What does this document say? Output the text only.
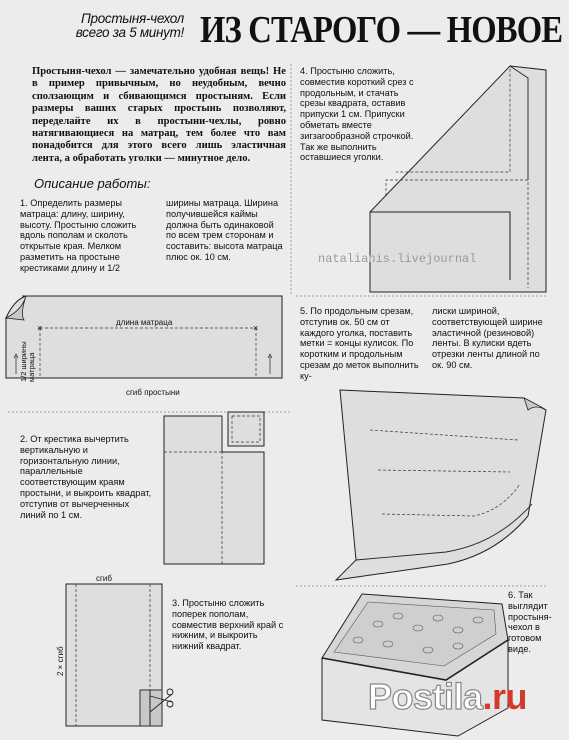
Простыня-чехол
всего за 5 минут! ИЗ СТАРОГО — НОВОЕ
Простыня-чехол — замечательно удобная вещь! Не в пример привычным, но неудобным, вечно сползающим и сбивающимся простыням. Если размеры ваших старых простынь позволяют, переделайте их в простыни-чехлы, ровно натягивающиеся на матрац, тем более что вам понадобится для этого всего лишь эластичная лента, а обработать уголки — минутное дело.
Описание работы:
1. Определить размеры матраца: длину, ширину, высоту. Простыню сложить вдоль пополам и сколоть открытые края. Мелком разметить на простыне крестиками длину и 1/2
ширины матраца. Ширина получившейся каймы должна быть одинаковой по всем трем сторонам и составить: высота матраца плюс ок. 10 см.
×	×
длина матраца
1/2 ширины матраца
сгиб простыни
2. От крестика вычертить вертикальную и горизонтальную линии, параллельные соответствующим краям простыни, и выкроить квадрат, отступив от вычерченных линий по 1 см.
сгиб
2 × сгиб
3. Простыню сложить поперек пополам, совместив верхний край с нижним, и выкроить нижний квадрат.
4. Простыню сложить, совместив короткий срез с продольным, и стачать срезы квадрата, оставив припуски 1 см. Припуски обметать вместе зигзагообразной строчкой. Так же выполнить оставшиеся уголки.
natalianis.livejournal
5. По продольным срезам, отступив ок. 50 см от каждого уголка, поставить метки = концы кулисок. По коротким и продольным срезам до меток выполнить ку-
лиски шириной, соответствующей ширине эластичной (резиновой) ленты. В кулиски вдеть отрезки ленты длиной по ок. 90 см.
6. Так выглядит простыня-чехол в готовом виде.
Postila.ru
